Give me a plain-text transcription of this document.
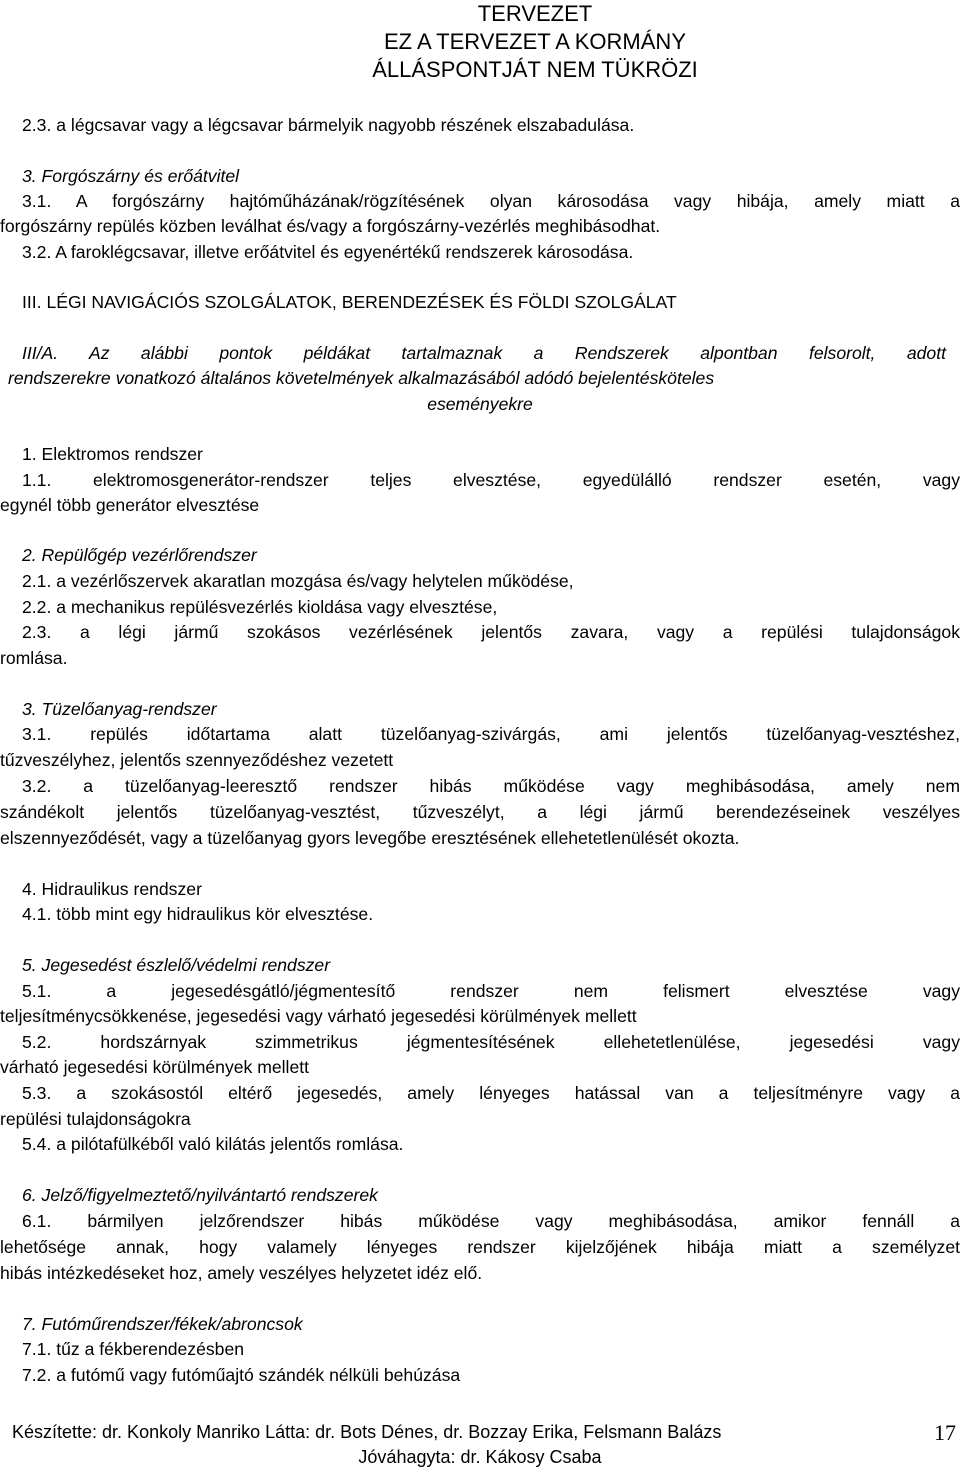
TERVEZET
EZ A TERVEZET A KORMÁNY
ÁLLÁSPONTJÁT NEM TÜKRÖZI
2.3. a légcsavar vagy a légcsavar bármelyik nagyobb részének elszabadulása.
3. Forgószárny és erőátvitel
3.1. A forgószárny hajtóműházának/rögzítésének olyan károsodása vagy hibája, amely miatt a
forgószárny repülés közben leválhat és/vagy a forgószárny-vezérlés meghibásodhat.
3.2. A faroklégcsavar, illetve erőátvitel és egyenértékű rendszerek károsodása.
III. LÉGI NAVIGÁCIÓS SZOLGÁLATOK, BERENDEZÉSEK ÉS FÖLDI SZOLGÁLAT
III/A. Az alábbi pontok példákat tartalmaznak a Rendszerek alpontban felsorolt, adott
rendszerekre vonatkozó általános követelmények alkalmazásából adódó bejelentésköteles
eseményekre
1. Elektromos rendszer
1.1. elektromosgenerátor-rendszer teljes elvesztése, egyedülálló rendszer esetén, vagy
egynél több generátor elvesztése
2. Repülőgép vezérlőrendszer
2.1. a vezérlőszervek akaratlan mozgása és/vagy helytelen működése,
2.2. a mechanikus repülésvezérlés kioldása vagy elvesztése,
2.3. a légi jármű szokásos vezérlésének jelentős zavara, vagy a repülési tulajdonságok
romlása.
3. Tüzelőanyag-rendszer
3.1. repülés időtartama alatt tüzelőanyag-szivárgás, ami jelentős tüzelőanyag-vesztéshez,
tűzveszélyhez, jelentős szennyeződéshez vezetett
3.2. a tüzelőanyag-leeresztő rendszer hibás működése vagy meghibásodása, amely nem
szándékolt jelentős tüzelőanyag-vesztést, tűzveszélyt, a légi jármű berendezéseinek veszélyes
elszennyeződését, vagy a tüzelőanyag gyors levegőbe eresztésének ellehetetlenülését okozta.
4. Hidraulikus rendszer
4.1. több mint egy hidraulikus kör elvesztése.
5. Jegesedést észlelő/védelmi rendszer
5.1. a jegesedésgátló/jégmentesítő rendszer nem felismert elvesztése vagy
teljesítménycsökkenése, jegesedési vagy várható jegesedési körülmények mellett
5.2. hordszárnyak szimmetrikus jégmentesítésének ellehetetlenülése, jegesedési vagy
várható jegesedési körülmények mellett
5.3. a szokásostól eltérő jegesedés, amely lényeges hatással van a teljesítményre vagy a
repülési tulajdonságokra
5.4. a pilótafülkéből való kilátás jelentős romlása.
6. Jelző/figyelmeztető/nyilvántartó rendszerek
6.1. bármilyen jelzőrendszer hibás működése vagy meghibásodása, amikor fennáll a
lehetősége annak, hogy valamely lényeges rendszer kijelzőjének hibája miatt a személyzet
hibás intézkedéseket hoz, amely veszélyes helyzetet idéz elő.
7. Futóműrendszer/fékek/abroncsok
7.1. tűz a fékberendezésben
7.2. a futómű vagy futóműajtó szándék nélküli behúzása
Készítette: dr. Konkoly Manriko Látta: dr. Bots Dénes, dr. Bozzay Erika, Felsmann Balázs
Jóváhagyta: dr. Kákosy Csaba
17
